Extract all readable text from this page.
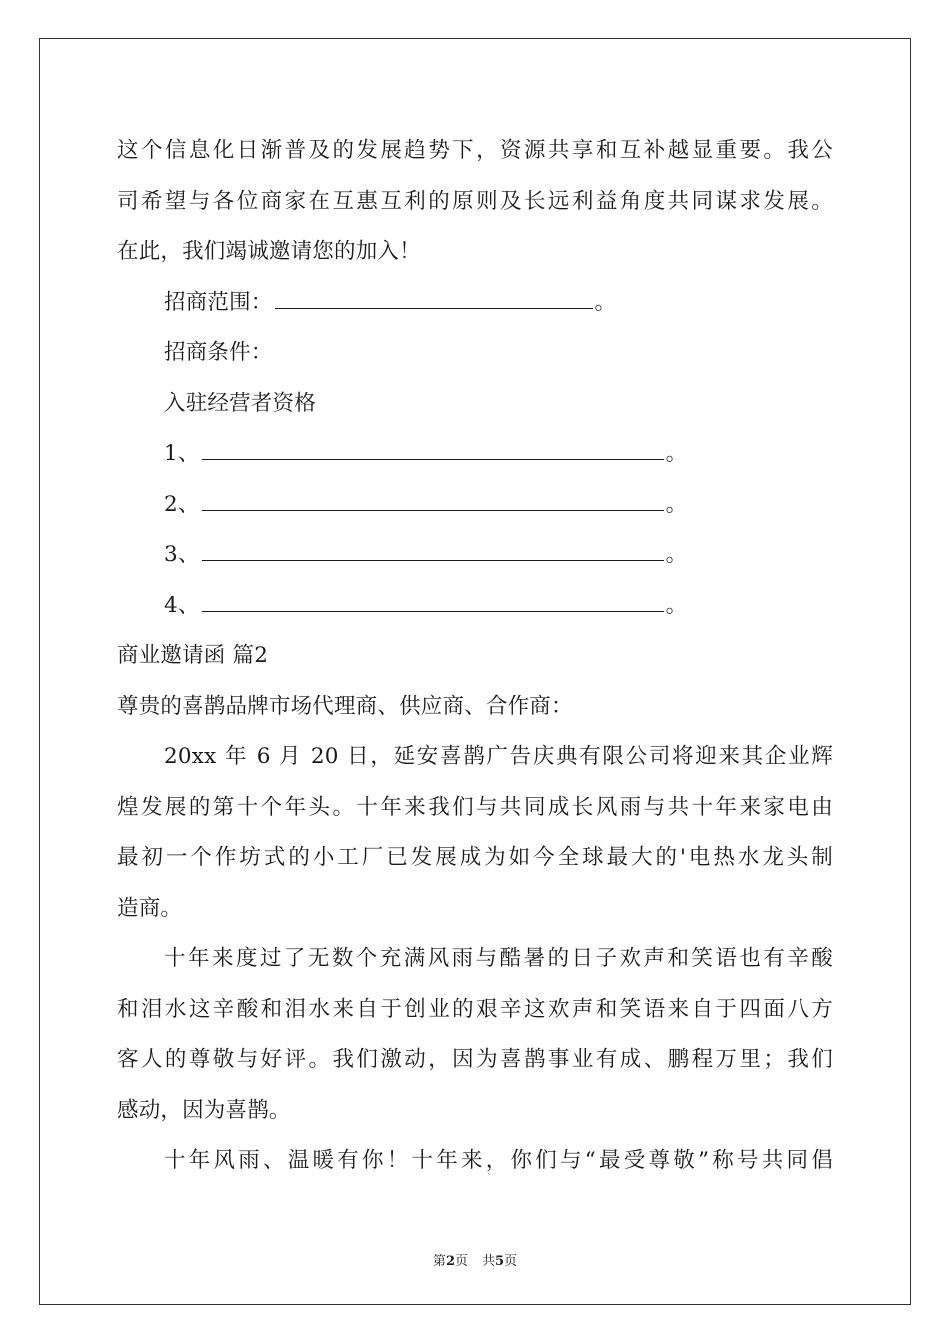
这个信息化日渐普及的发展趋势下，资源共享和互补越显重要。我公
司希望与各位商家在互惠互利的原则及长远利益角度共同谋求发展。
在此，我们竭诚邀请您的加入！
招商范围：	。
招商条件：
入驻经营者资格
1、	。
2、	。
3、	。
4、	。
商业邀请函 篇2
尊贵的喜鹊品牌市场代理商、供应商、合作商：
20xx 年 6 月 20 日，延安喜鹊广告庆典有限公司将迎来其企业辉
煌发展的第十个年头。十年来我们与共同成长风雨与共十年来家电由
最初一个作坊式的小工厂已发展成为如今全球最大的'电热水龙头制
造商。
十年来度过了无数个充满风雨与酷暑的日子欢声和笑语也有辛酸
和泪水这辛酸和泪水来自于创业的艰辛这欢声和笑语来自于四面八方
客人的尊敬与好评。我们激动，因为喜鹊事业有成、鹏程万里；我们
感动，因为喜鹊。
十年风雨、温暖有你！十年来，你们与“最受尊敬”称号共同倡
第2页 共5页
